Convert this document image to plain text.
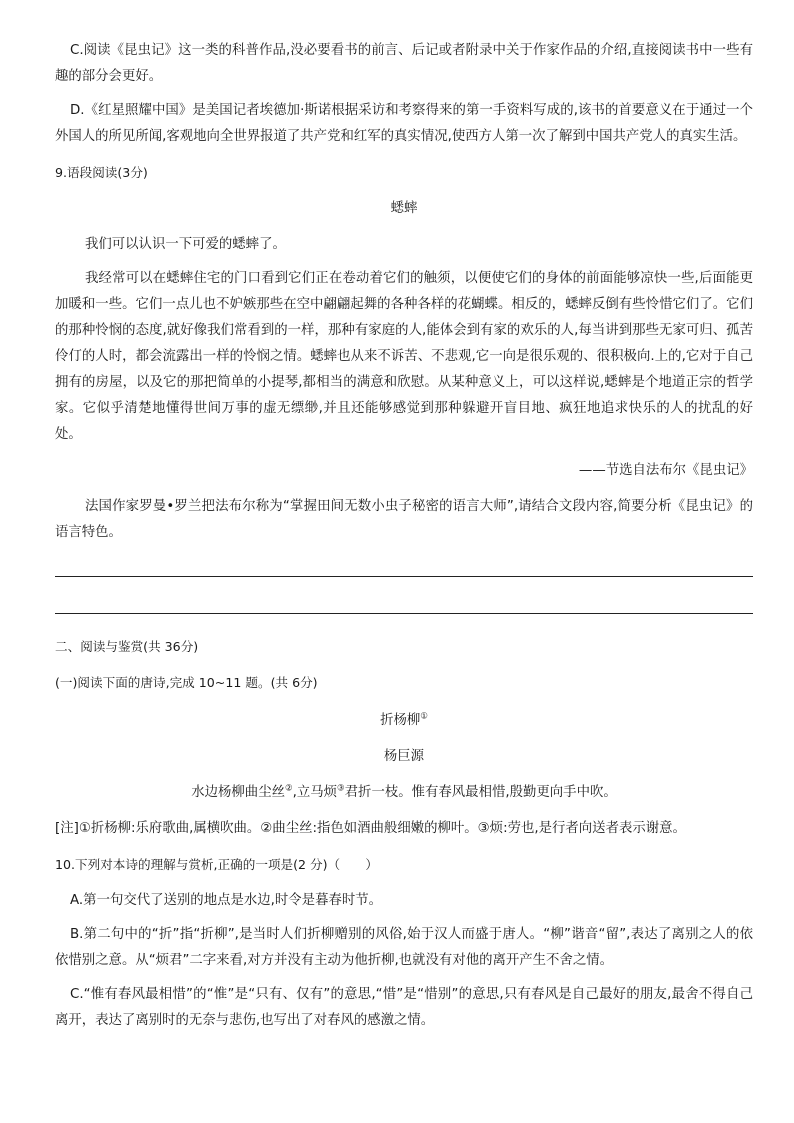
C.阅读《昆虫记》这一类的科普作品,没必要看书的前言、后记或者附录中关于作家作品的介绍,直接阅读书中一些有趣的部分会更好。

D.《红星照耀中国》是美国记者埃德加·斯诺根据采访和考察得来的第一手资料写成的,该书的首要意义在于通过一个外国人的所见所闻,客观地向全世界报道了共产党和红军的真实情况,使西方人第一次了解到中国共产党人的真实生活。

9.语段阅读(3分)

蟋蟀

我们可以认识一下可爱的蟋蟀了。

我经常可以在蟋蟀住宅的门口看到它们正在卷动着它们的触须，以便使它们的身体的前面能够凉快一些,后面能更加暖和一些。它们一点儿也不妒嫉那些在空中翩翩起舞的各种各样的花蝴蝶。相反的，蟋蟀反倒有些怜惜它们了。它们的那种怜悯的态度,就好像我们常看到的一样，那种有家庭的人,能体会到有家的欢乐的人,每当讲到那些无家可归、孤苦伶仃的人时，都会流露出一样的怜悯之情。蟋蟀也从来不诉苦、不悲观,它一向是很乐观的、很积极向.上的,它对于自己拥有的房屋，以及它的那把简单的小提琴,都相当的满意和欣慰。从某种意义上，可以这样说,蟋蟀是个地道正宗的哲学家。它似乎清楚地懂得世间万事的虚无缥缈,并且还能够感觉到那种躲避开盲目地、疯狂地追求快乐的人的扰乱的好处。

——节选自法布尔《昆虫记》

法国作家罗曼•罗兰把法布尔称为“掌握田间无数小虫子秘密的语言大师”,请结合文段内容,简要分析《昆虫记》的语言特色。

二、阅读与鉴赏(共 36分)

(一)阅读下面的唐诗,完成 10~11 题。(共 6分)

折杨柳①

杨巨源

水边杨柳曲尘丝②,立马烦③君折一枝。惟有春风最相惜,殷勤更向手中吹。

[注]①折杨柳:乐府歌曲,属横吹曲。②曲尘丝:指色如酒曲般细嫩的柳叶。③烦:劳也,是行者向送者表示谢意。

10.下列对本诗的理解与赏析,正确的一项是(2 分)（　　）

A.第一句交代了送别的地点是水边,时令是暮春时节。

B.第二句中的“折”指“折柳”,是当时人们折柳赠别的风俗,始于汉人而盛于唐人。“柳”谐音“留”,表达了离别之人的依依惜别之意。从“烦君”二字来看,对方并没有主动为他折柳,也就没有对他的离开产生不舍之情。

C.“惟有春风最相惜”的“惟”是“只有、仅有”的意思,“惜”是“惜别”的意思,只有春风是自己最好的朋友,最舍不得自己离开，表达了离别时的无奈与悲伤,也写出了对春风的感激之情。
